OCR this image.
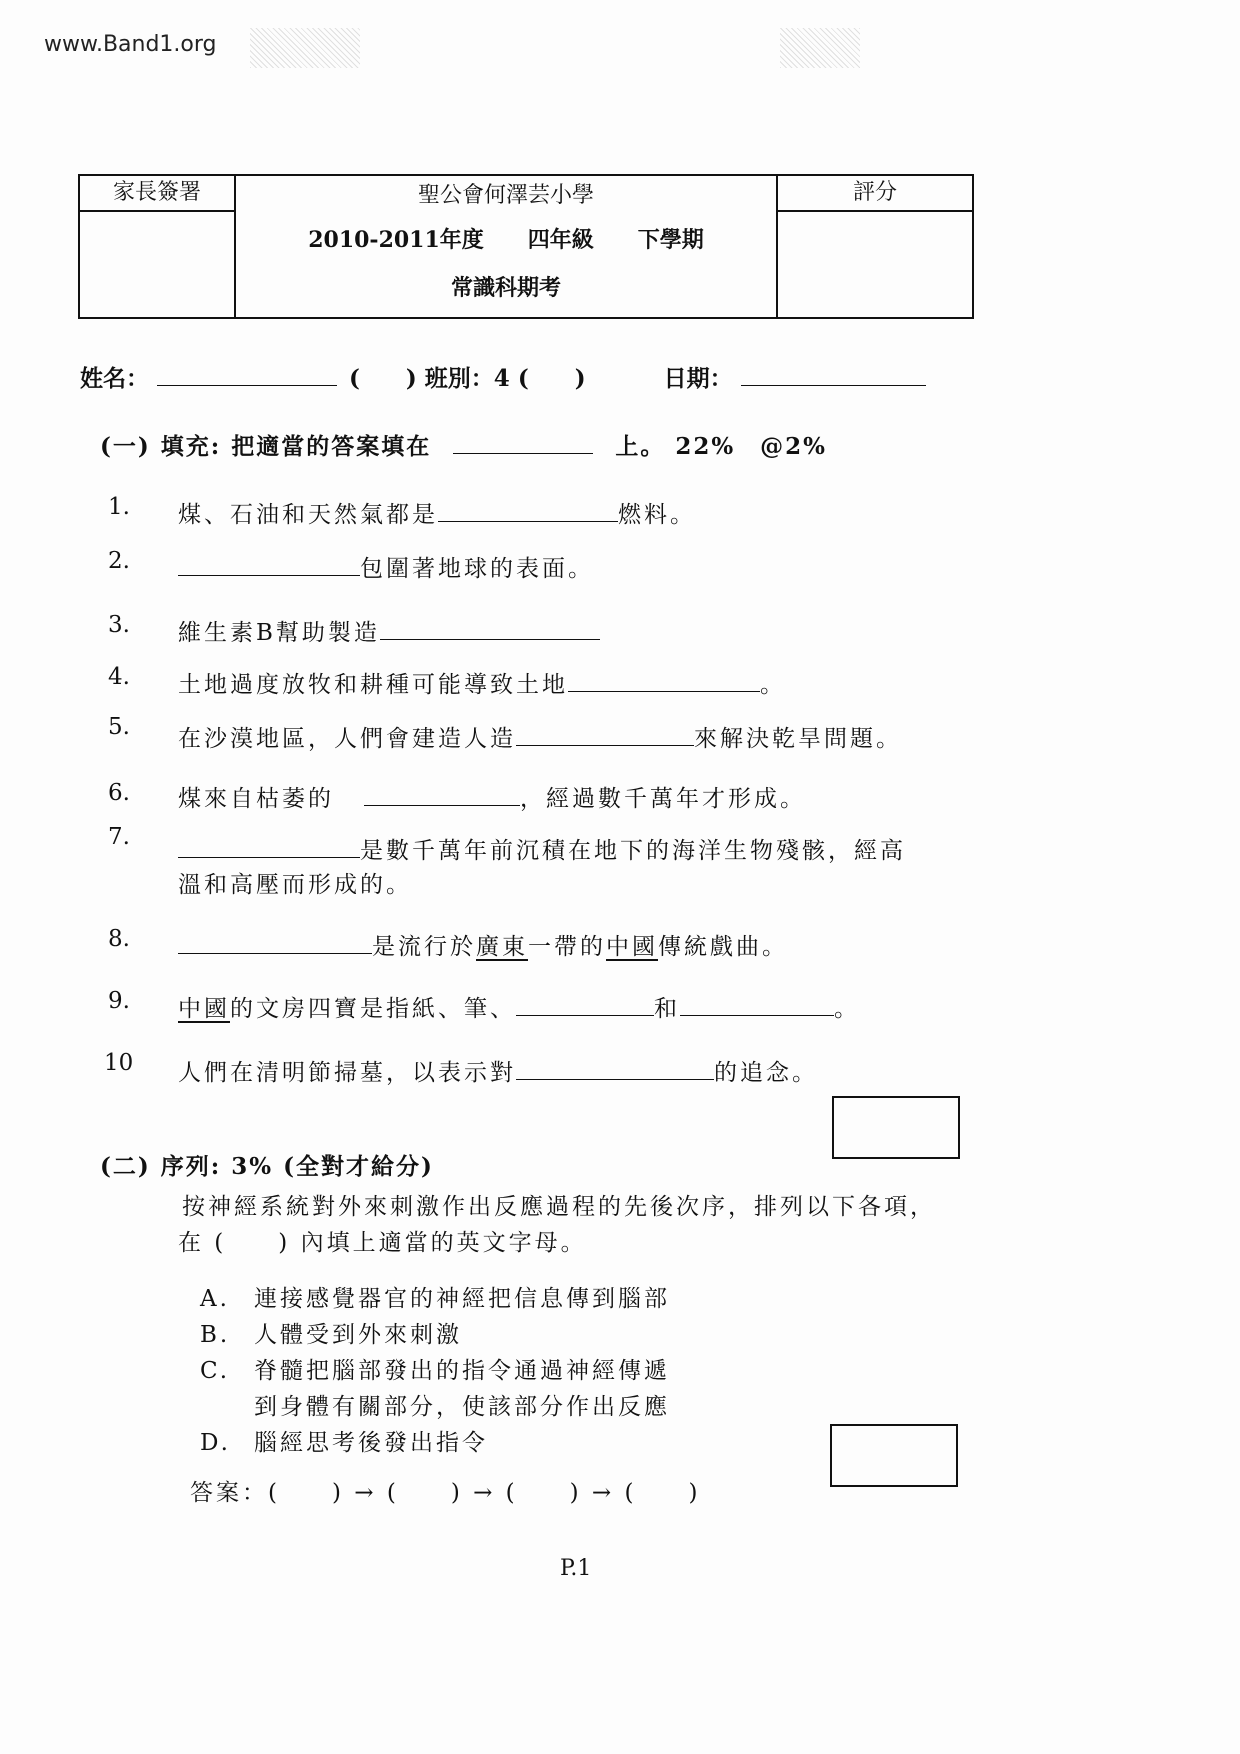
www.Band1.org
家長簽署	聖公會何澤芸小學
2010-2011年度　　四年級　　下學期
常識科期考
評分
姓名：	(　　) 班別：4 (　　)	日期：
(一) 填充: 把適當的答案填在	上。 22%　@2%
1. 煤、石油和天然氣都是	燃料。
2.	包圍著地球的表面。
3. 維生素B幫助製造
4. 土地過度放牧和耕種可能導致土地	。
5. 在沙漠地區，人們會建造人造	來解決乾旱問題。
6. 煤來自枯萎的	，經過數千萬年才形成。
7.
是數千萬年前沉積在地下的海洋生物殘骸，經高
溫和高壓而形成的。
8.	是流行於廣東一帶的中國傳統戲曲。
9. 中國的文房四寶是指紙、筆、	和	。
10 人們在清明節掃墓，以表示對	的追念。
(二) 序列: 3% (全對才給分)
按神經系統對外來刺激作出反應過程的先後次序，排列以下各項，
在 (　　) 內填上適當的英文字母。
A. 連接感覺器官的神經把信息傳到腦部
B. 人體受到外來刺激
C. 脊髓把腦部發出的指令通過神經傳遞
到身體有關部分，使該部分作出反應
D. 腦經思考後發出指令
答案：(　　) → (　　) → (　　) → (　　)
P.1
